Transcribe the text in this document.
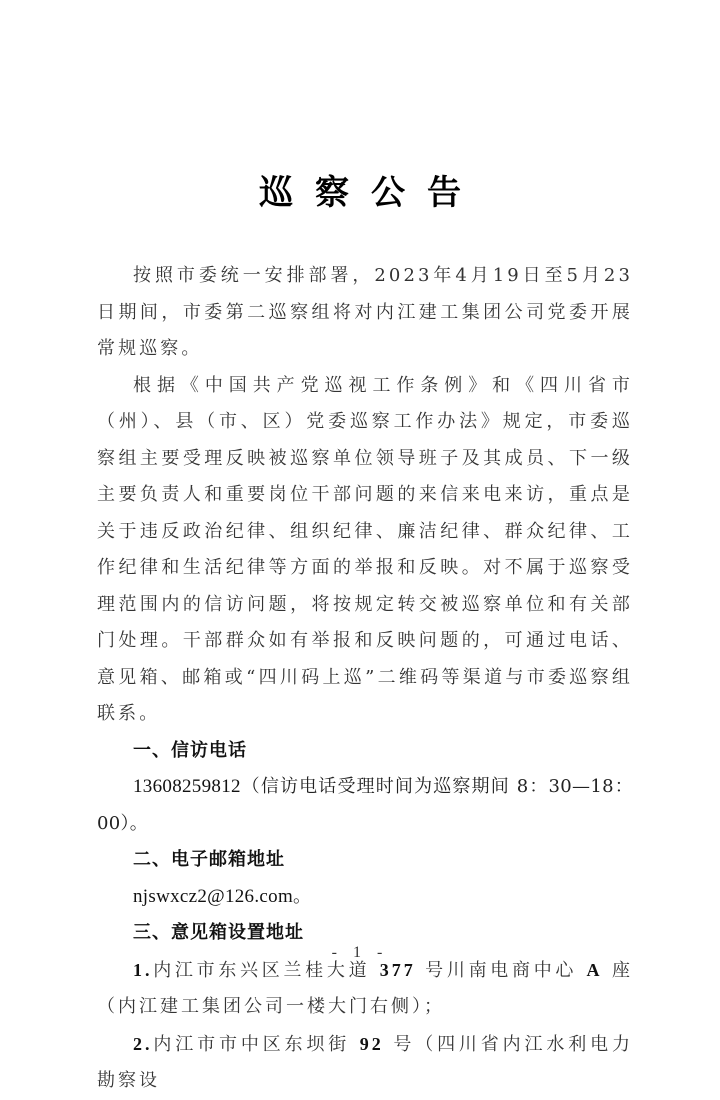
巡察公告

按照市委统一安排部署，2023年4月19日至5月23日期间，市委第二巡察组将对内江建工集团公司党委开展常规巡察。

根据《中国共产党巡视工作条例》和《四川省市（州）、县（市、区）党委巡察工作办法》规定，市委巡察组主要受理反映被巡察单位领导班子及其成员、下一级主要负责人和重要岗位干部问题的来信来电来访，重点是关于违反政治纪律、组织纪律、廉洁纪律、群众纪律、工作纪律和生活纪律等方面的举报和反映。对不属于巡察受理范围内的信访问题，将按规定转交被巡察单位和有关部门处理。干部群众如有举报和反映问题的，可通过电话、意见箱、邮箱或“四川码上巡”二维码等渠道与市委巡察组联系。

一、信访电话

13608259812（信访电话受理时间为巡察期间 8：30—18：00）。

二、电子邮箱地址

njswxcz2@126.com。

三、意见箱设置地址

1.内江市东兴区兰桂大道 377 号川南电商中心 A 座（内江建工集团公司一楼大门右侧）；

2.内江市市中区东坝街 92 号（四川省内江水利电力勘察设

- 1 -
